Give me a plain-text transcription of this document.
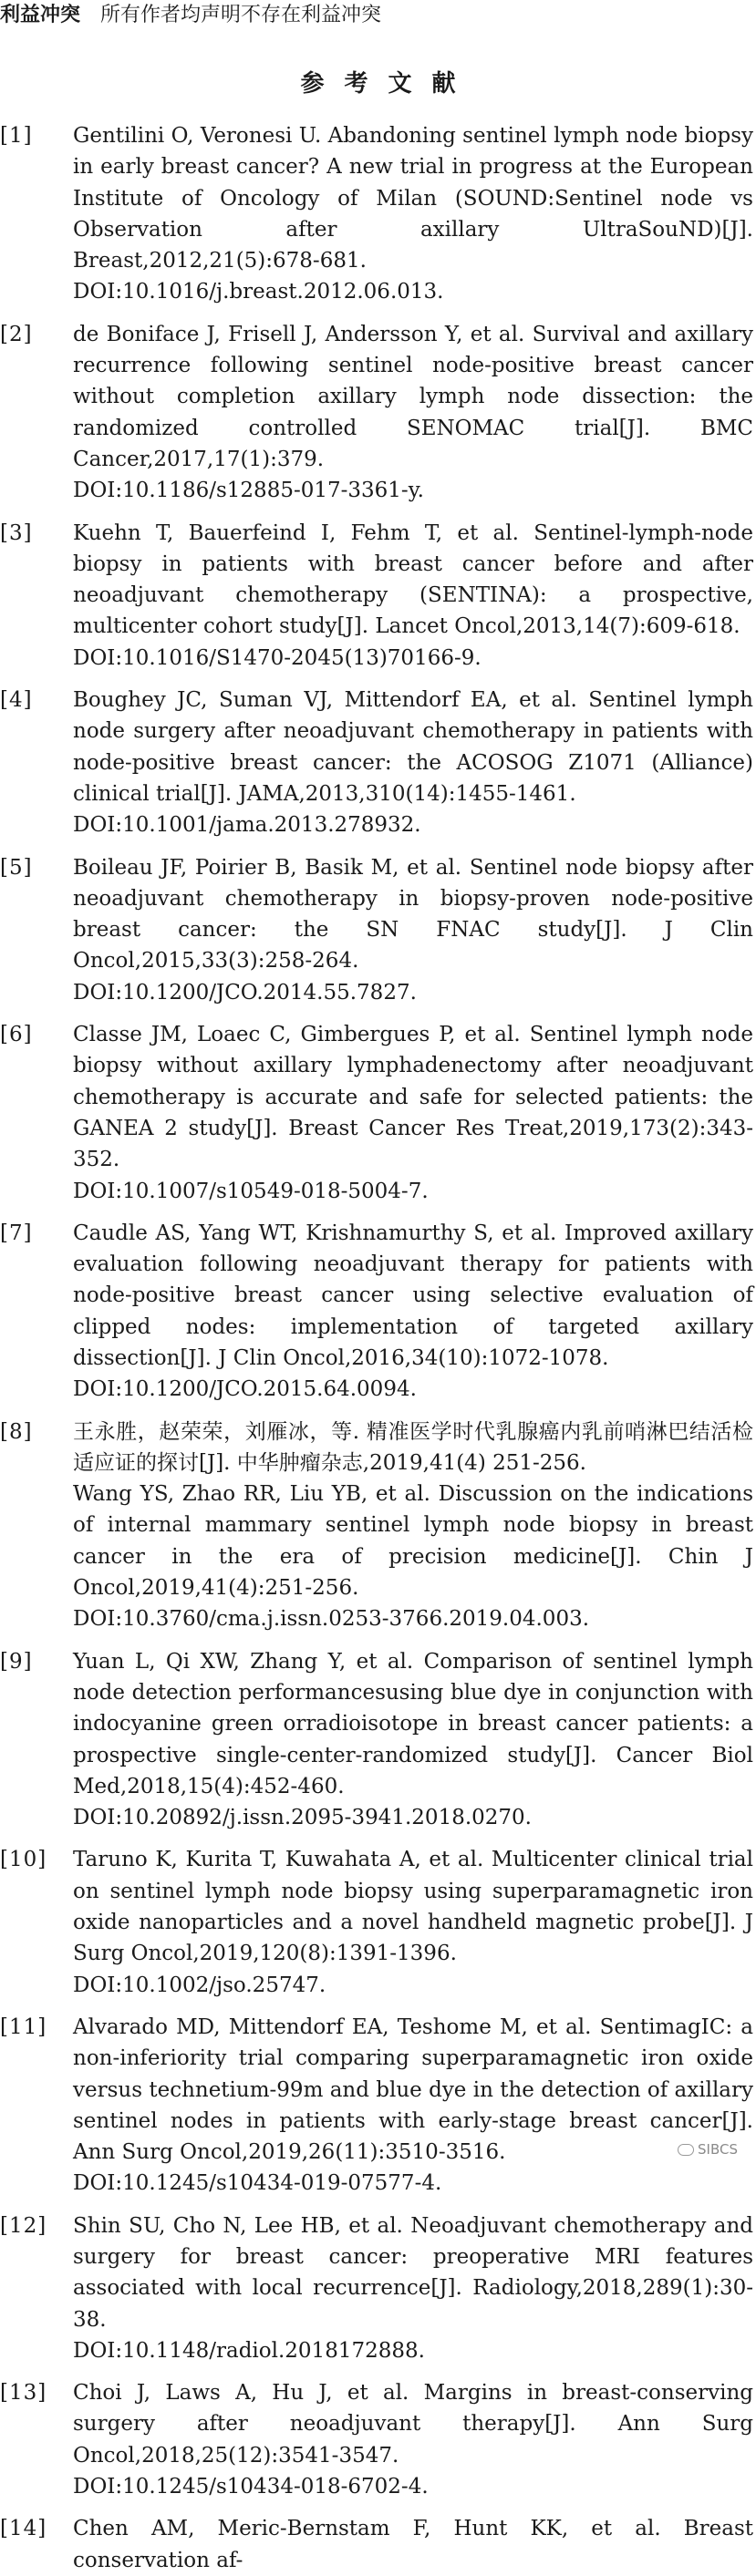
利益冲突 所有作者均声明不存在利益冲突
参考文献
[1]	Gentilini O, Veronesi U. Abandoning sentinel lymph node biopsy in early breast cancer? A new trial in progress at the European Institute of Oncology of Milan (SOUND:Sentinel node vs Observation after axillary UltraSouND)[J]. Breast,2012,21(5):678-681.
DOI:10.1016/j.breast.2012.06.013.
[2]	de Boniface J, Frisell J, Andersson Y, et al. Survival and axillary recurrence following sentinel node-positive breast cancer without completion axillary lymph node dissection: the randomized controlled SENOMAC trial[J]. BMC Cancer,2017,17(1):379.
DOI:10.1186/s12885-017-3361-y.
[3]	Kuehn T, Bauerfeind I, Fehm T, et al. Sentinel-lymph-node biopsy in patients with breast cancer before and after neoadjuvant chemotherapy (SENTINA): a prospective, multicenter cohort study[J]. Lancet Oncol,2013,14(7):609-618.
DOI:10.1016/S1470-2045(13)70166-9.
[4]	Boughey JC, Suman VJ, Mittendorf EA, et al. Sentinel lymph node surgery after neoadjuvant chemotherapy in patients with node-positive breast cancer: the ACOSOG Z1071 (Alliance) clinical trial[J]. JAMA,2013,310(14):1455-1461.
DOI:10.1001/jama.2013.278932.
[5]	Boileau JF, Poirier B, Basik M, et al. Sentinel node biopsy after neoadjuvant chemotherapy in biopsy-proven node-positive breast cancer: the SN FNAC study[J]. J Clin Oncol,2015,33(3):258-264.
DOI:10.1200/JCO.2014.55.7827.
[6]	Classe JM, Loaec C, Gimbergues P, et al. Sentinel lymph node biopsy without axillary lymphadenectomy after neoadjuvant chemotherapy is accurate and safe for selected patients: the GANEA 2 study[J]. Breast Cancer Res Treat,2019,173(2):343-352.
DOI:10.1007/s10549-018-5004-7.
[7]	Caudle AS, Yang WT, Krishnamurthy S, et al. Improved axillary evaluation following neoadjuvant therapy for patients with node-positive breast cancer using selective evaluation of clipped nodes: implementation of targeted axillary dissection[J]. J Clin Oncol,2016,34(10):1072-1078.
DOI:10.1200/JCO.2015.64.0094.
[8]	王永胜，赵荣荣，刘雁冰，等. 精准医学时代乳腺癌内乳前哨淋巴结活检适应证的探讨[J]. 中华肿瘤杂志,2019,41(4) 251-256.
Wang YS, Zhao RR, Liu YB, et al. Discussion on the indications of internal mammary sentinel lymph node biopsy in breast cancer in the era of precision medicine[J]. Chin J Oncol,2019,41(4):251-256.
DOI:10.3760/cma.j.issn.0253-3766.2019.04.003.
[9]	Yuan L, Qi XW, Zhang Y, et al. Comparison of sentinel lymph node detection performancesusing blue dye in conjunction with indocyanine green orradioisotope in breast cancer patients: a prospective single-center-randomized study[J]. Cancer Biol Med,2018,15(4):452-460.
DOI:10.20892/j.issn.2095-3941.2018.0270.
[10]	Taruno K, Kurita T, Kuwahata A, et al. Multicenter clinical trial on sentinel lymph node biopsy using superparamagnetic iron oxide nanoparticles and a novel handheld magnetic probe[J]. J Surg Oncol,2019,120(8):1391-1396.
DOI:10.1002/jso.25747.
[11]	Alvarado MD, Mittendorf EA, Teshome M, et al. SentimagIC: a non-inferiority trial comparing superparamagnetic iron oxide versus technetium-99m and blue dye in the detection of axillary sentinel nodes in patients with early-stage breast cancer[J]. Ann Surg Oncol,2019,26(11):3510-3516.
DOI:10.1245/s10434-019-07577-4.
[12]	Shin SU, Cho N, Lee HB, et al. Neoadjuvant chemotherapy and surgery for breast cancer: preoperative MRI features associated with local recurrence[J]. Radiology,2018,289(1):30-38.
DOI:10.1148/radiol.2018172888.
[13]	Choi J, Laws A, Hu J, et al. Margins in breast-conserving surgery after neoadjuvant therapy[J]. Ann Surg Oncol,2018,25(12):3541-3547.
DOI:10.1245/s10434-018-6702-4.
[14]	Chen AM, Meric-Bernstam F, Hunt KK, et al. Breast conservation af-
SIBCS
